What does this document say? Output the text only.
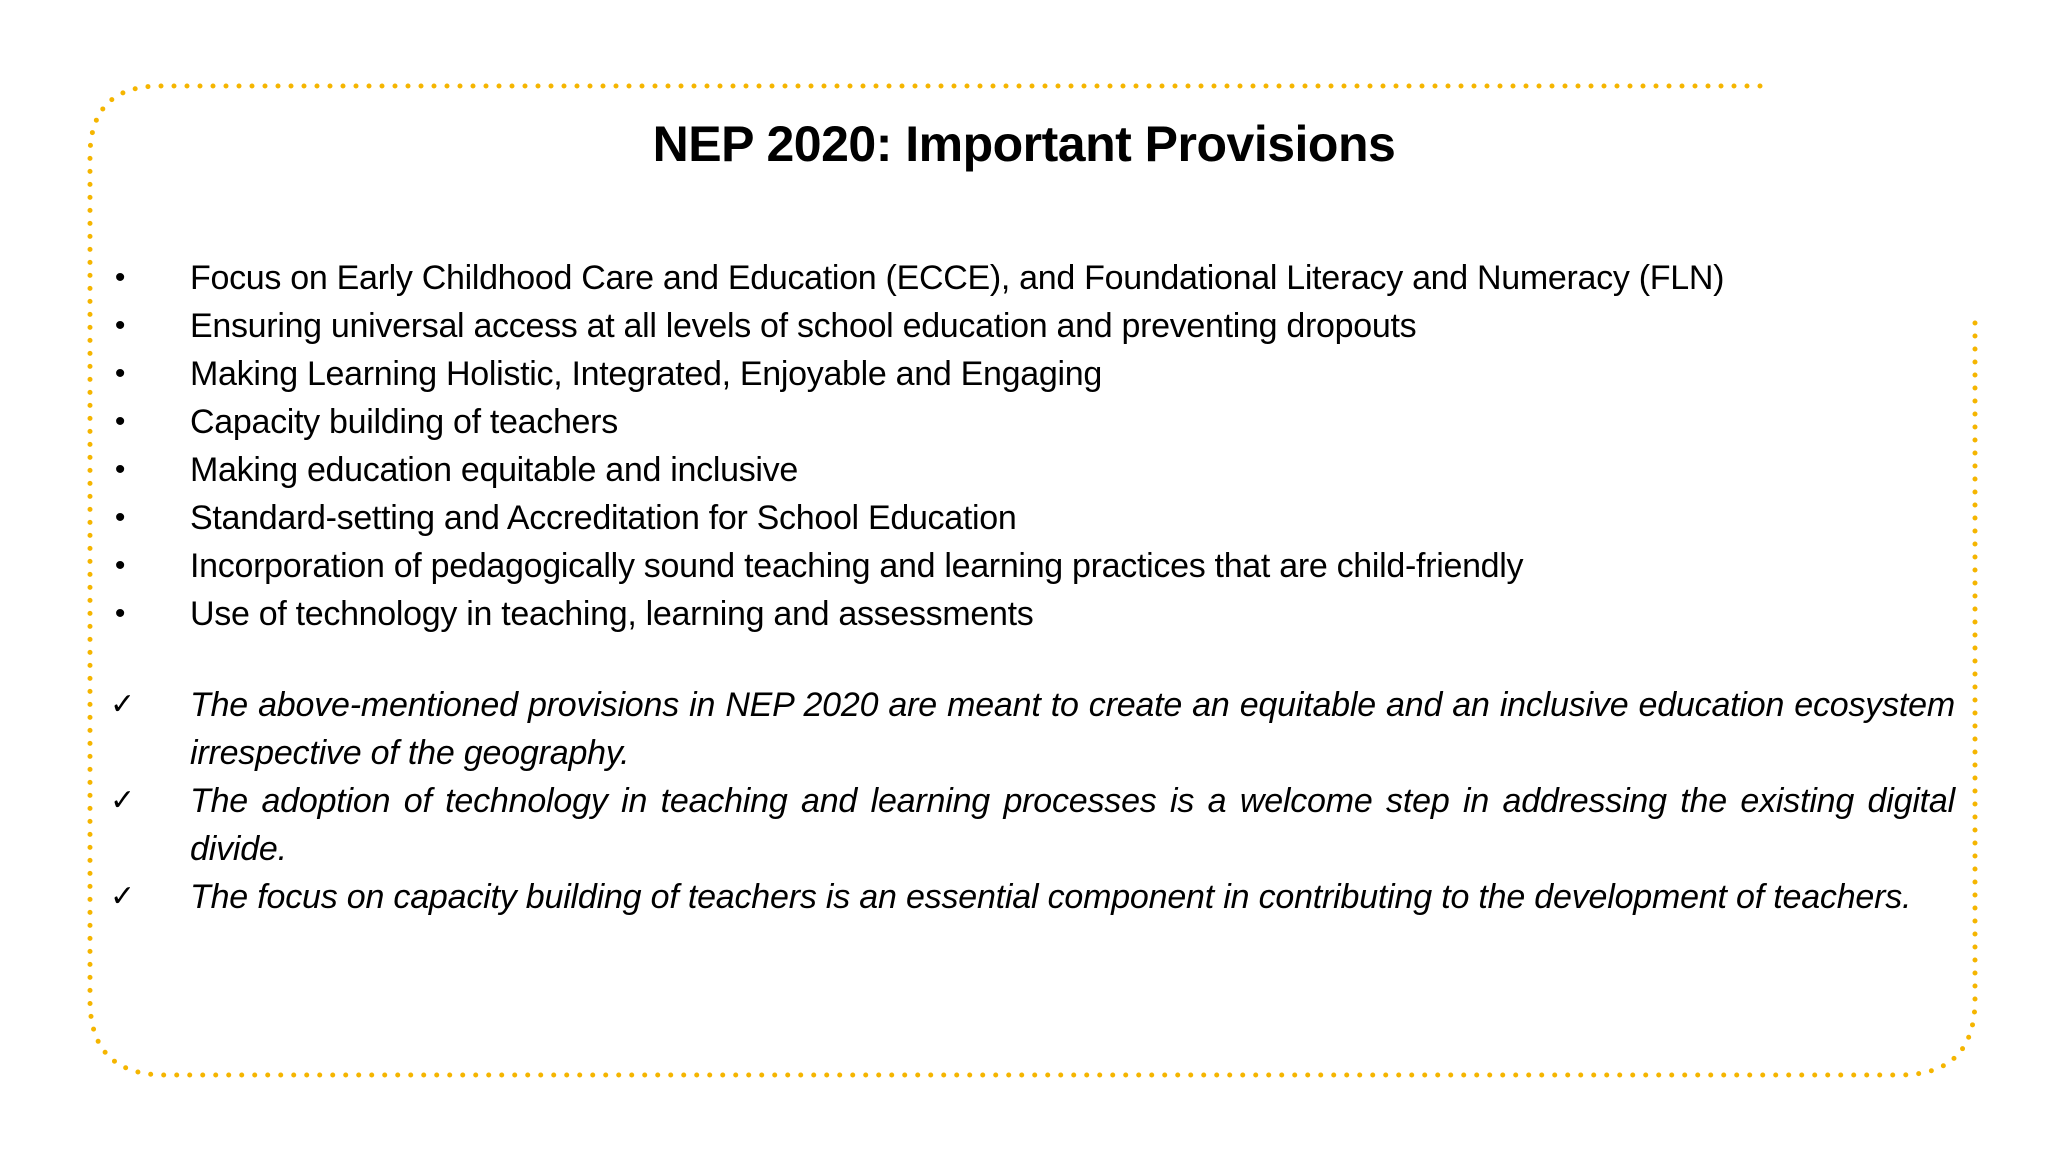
NEP 2020: Important Provisions
• Focus on Early Childhood Care and Education (ECCE), and Foundational Literacy and Numeracy (FLN)
• Ensuring universal access at all levels of school education and preventing dropouts
• Making Learning Holistic, Integrated, Enjoyable and Engaging
• Capacity building of teachers
• Making education equitable and inclusive
• Standard-setting and Accreditation for School Education
• Incorporation of pedagogically sound teaching and learning practices that are child-friendly
• Use of technology in teaching, learning and assessments
✓ The above-mentioned provisions in NEP 2020 are meant to create an equitable and an inclusive education ecosystem irrespective of the geography.
✓ The adoption of technology in teaching and learning processes is a welcome step in addressing the existing digital divide.
✓ The focus on capacity building of teachers is an essential component in contributing to the development of teachers.
